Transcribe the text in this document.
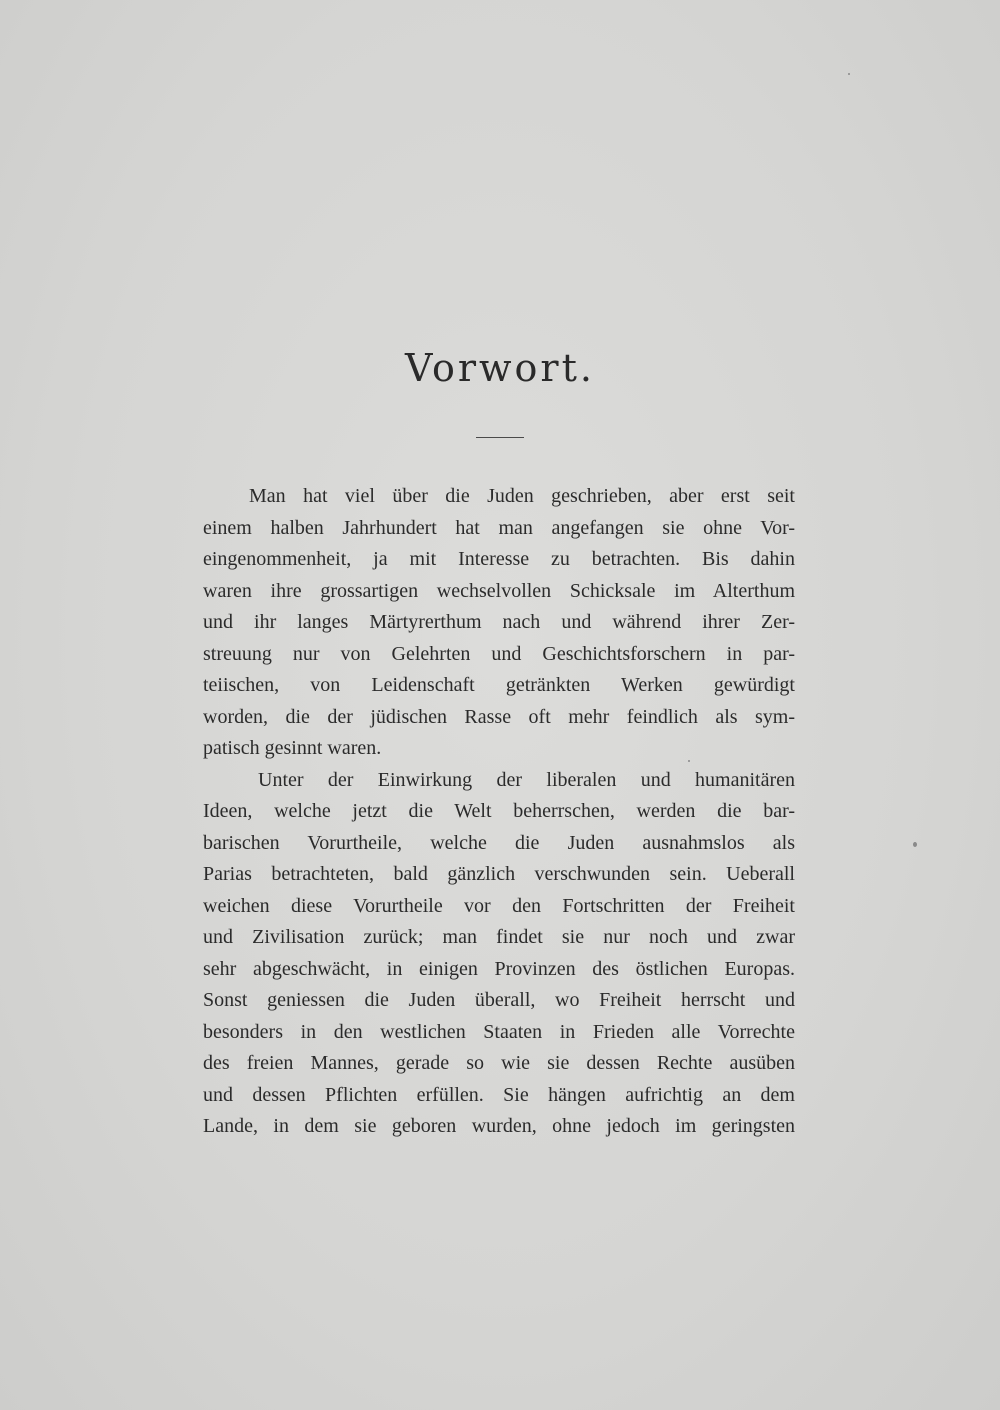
Vorwort.
Man hat viel über die Juden geschrieben, aber erst seit
einem halben Jahrhundert hat man angefangen sie ohne Vor-
eingenommenheit, ja mit Interesse zu betrachten. Bis dahin
waren ihre grossartigen wechselvollen Schicksale im Alterthum
und ihr langes Märtyrerthum nach und während ihrer Zer-
streuung nur von Gelehrten und Geschichtsforschern in par-
teiischen, von Leidenschaft getränkten Werken gewürdigt
worden, die der jüdischen Rasse oft mehr feindlich als sym-
patisch gesinnt waren.
Unter der Einwirkung der liberalen und humanitären
Ideen, welche jetzt die Welt beherrschen, werden die bar-
barischen Vorurtheile, welche die Juden ausnahmslos als
Parias betrachteten, bald gänzlich verschwunden sein. Ueberall
weichen diese Vorurtheile vor den Fortschritten der Freiheit
und Zivilisation zurück; man findet sie nur noch und zwar
sehr abgeschwächt, in einigen Provinzen des östlichen Europas.
Sonst geniessen die Juden überall, wo Freiheit herrscht und
besonders in den westlichen Staaten in Frieden alle Vorrechte
des freien Mannes, gerade so wie sie dessen Rechte ausüben
und dessen Pflichten erfüllen. Sie hängen aufrichtig an dem
Lande, in dem sie geboren wurden, ohne jedoch im geringsten
